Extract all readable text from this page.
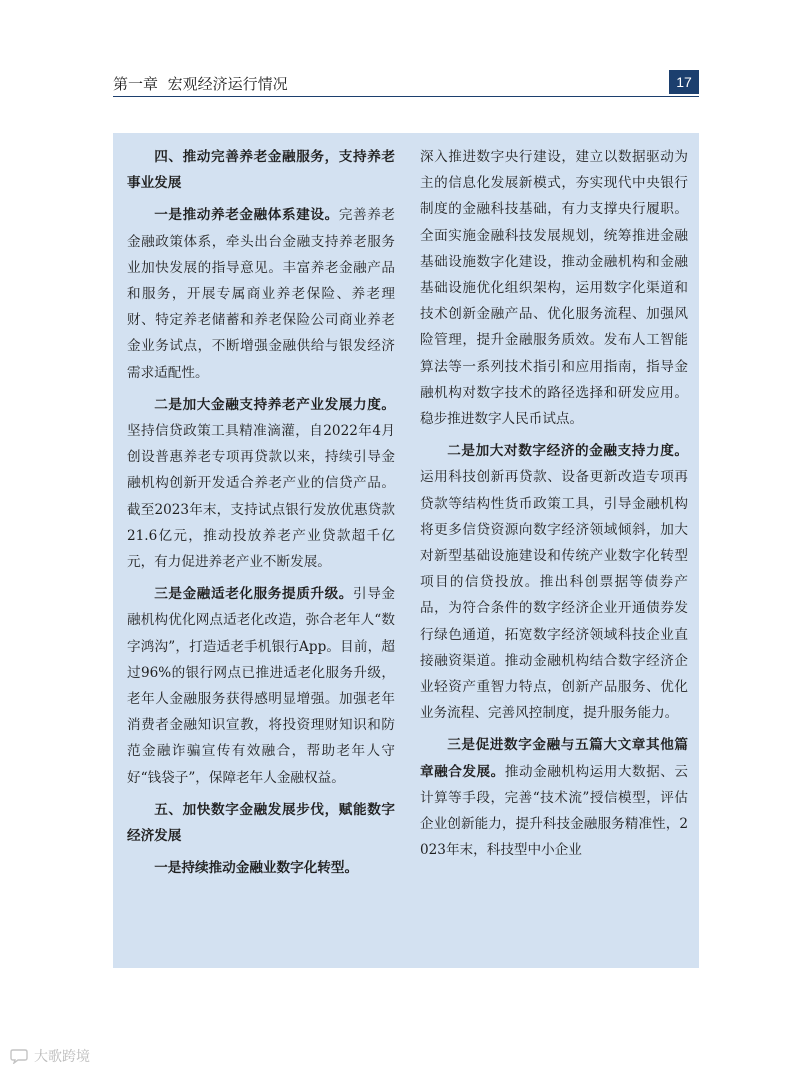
第一章 宏观经济运行情况	17

四、推动完善养老金融服务，支持养老事业发展

一是推动养老金融体系建设。完善养老金融政策体系，牵头出台金融支持养老服务业加快发展的指导意见。丰富养老金融产品和服务，开展专属商业养老保险、养老理财、特定养老储蓄和养老保险公司商业养老金业务试点，不断增强金融供给与银发经济需求适配性。

二是加大金融支持养老产业发展力度。坚持信贷政策工具精准滴灌，自2022年4月创设普惠养老专项再贷款以来，持续引导金融机构创新开发适合养老产业的信贷产品。截至2023年末，支持试点银行发放优惠贷款21.6亿元，推动投放养老产业贷款超千亿元，有力促进养老产业不断发展。

三是金融适老化服务提质升级。引导金融机构优化网点适老化改造，弥合老年人“数字鸿沟”，打造适老手机银行App。目前，超过96%的银行网点已推进适老化服务升级，老年人金融服务获得感明显增强。加强老年消费者金融知识宣教，将投资理财知识和防范金融诈骗宣传有效融合，帮助老年人守好“钱袋子”，保障老年人金融权益。

五、加快数字金融发展步伐，赋能数字经济发展

一是持续推动金融业数字化转型。

深入推进数字央行建设，建立以数据驱动为主的信息化发展新模式，夯实现代中央银行制度的金融科技基础，有力支撑央行履职。全面实施金融科技发展规划，统筹推进金融基础设施数字化建设，推动金融机构和金融基础设施优化组织架构，运用数字化渠道和技术创新金融产品、优化服务流程、加强风险管理，提升金融服务质效。发布人工智能算法等一系列技术指引和应用指南，指导金融机构对数字技术的路径选择和研发应用。稳步推进数字人民币试点。

二是加大对数字经济的金融支持力度。运用科技创新再贷款、设备更新改造专项再贷款等结构性货币政策工具，引导金融机构将更多信贷资源向数字经济领域倾斜，加大对新型基础设施建设和传统产业数字化转型项目的信贷投放。推出科创票据等债券产品，为符合条件的数字经济企业开通债券发行绿色通道，拓宽数字经济领域科技企业直接融资渠道。推动金融机构结合数字经济企业轻资产重智力特点，创新产品服务、优化业务流程、完善风控制度，提升服务能力。

三是促进数字金融与五篇大文章其他篇章融合发展。推动金融机构运用大数据、云计算等手段，完善“技术流”授信模型，评估企业创新能力，提升科技金融服务精准性，2023年末，科技型中小企业

大歌跨境
